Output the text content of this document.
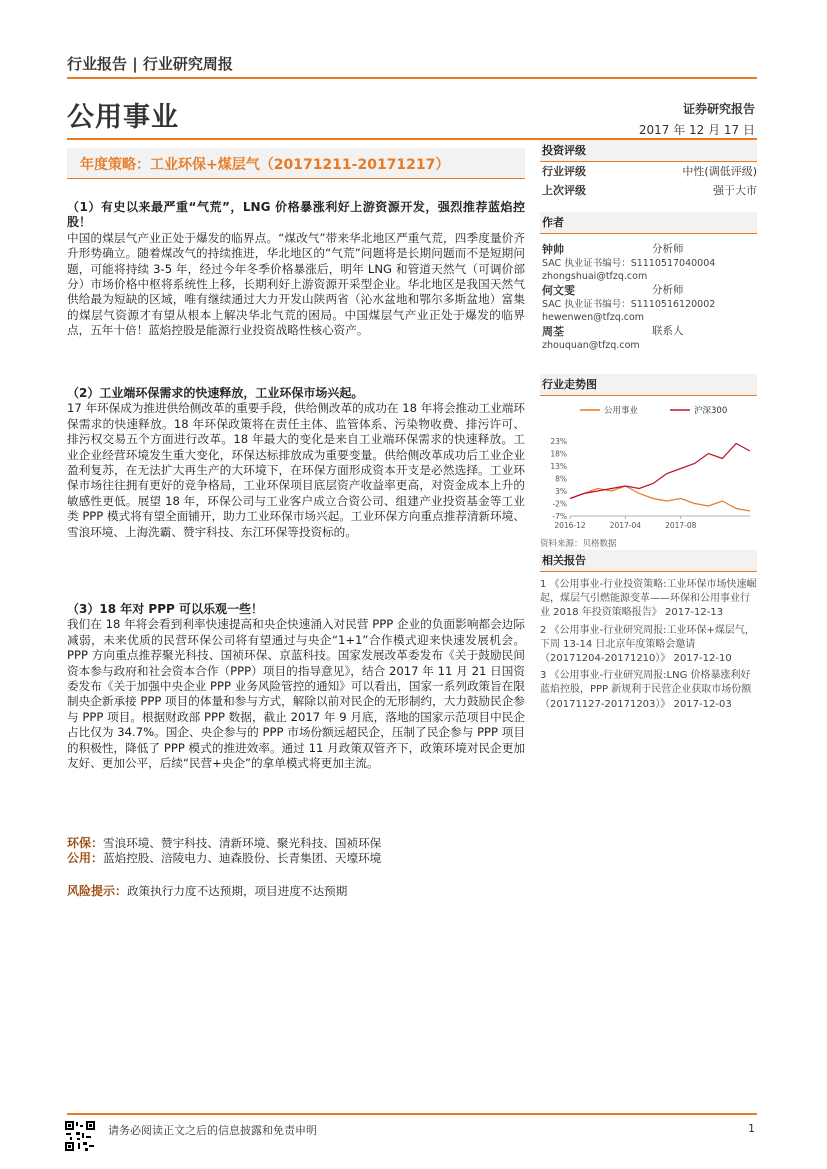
行业报告 | 行业研究周报
公用事业	证券研究报告
2017 年 12 月 17 日
年度策略：工业环保+煤层气（20171211-20171217）

（1）有史以来最严重“气荒”，LNG 价格暴涨利好上游资源开发，强烈推荐蓝焰控股！

中国的煤层气产业正处于爆发的临界点。“煤改气”带来华北地区严重气荒，四季度量价齐升形势确立。随着煤改气的持续推进，华北地区的“气荒”问题将是长期问题而不是短期问题，可能将持续 3-5 年，经过今年冬季价格暴涨后，明年 LNG 和管道天然气（可调价部分）市场价格中枢将系统性上移，长期利好上游资源开采型企业。华北地区是我国天然气供给最为短缺的区域，唯有继续通过大力开发山陕两省（沁水盆地和鄂尔多斯盆地）富集的煤层气资源才有望从根本上解决华北气荒的困局。中国煤层气产业正处于爆发的临界点，五年十倍！蓝焰控股是能源行业投资战略性核心资产。

（2）工业端环保需求的快速释放，工业环保市场兴起。

17 年环保成为推进供给侧改革的重要手段，供给侧改革的成功在 18 年将会推动工业端环保需求的快速释放。18 年环保政策将在责任主体、监管体系、污染物收费、排污许可、排污权交易五个方面进行改革。18 年最大的变化是来自工业端环保需求的快速释放。工业企业经营环境发生重大变化，环保达标排放成为重要变量。供给侧改革成功后工业企业盈利复苏，在无法扩大再生产的大环境下，在环保方面形成资本开支是必然选择。工业环保市场往往拥有更好的竞争格局，工业环保项目底层资产收益率更高，对资金成本上升的敏感性更低。展望 18 年，环保公司与工业客户成立合资公司、组建产业投资基金等工业类 PPP 模式将有望全面铺开，助力工业环保市场兴起。工业环保方向重点推荐清新环境、雪浪环境、上海洗霸、赞宇科技、东江环保等投资标的。

（3）18 年对 PPP 可以乐观一些！

我们在 18 年将会看到利率快速提高和央企快速涌入对民营 PPP 企业的负面影响都会边际减弱，未来优质的民营环保公司将有望通过与央企“1+1”合作模式迎来快速发展机会。PPP 方向重点推荐聚光科技、国祯环保、京蓝科技。国家发展改革委发布《关于鼓励民间资本参与政府和社会资本合作（PPP）项目的指导意见》，结合 2017 年 11 月 21 日国资委发布《关于加强中央企业 PPP 业务风险管控的通知》可以看出，国家一系列政策旨在限制央企新承接 PPP 项目的体量和参与方式，解除以前对民企的无形制约，大力鼓励民企参与 PPP 项目。根据财政部 PPP 数据，截止 2017 年 9 月底，落地的国家示范项目中民企占比仅为 34.7%。国企、央企参与的 PPP 市场份额远超民企，压制了民企参与 PPP 项目的积极性，降低了 PPP 模式的推进效率。通过 11 月政策双管齐下，政策环境对民企更加友好、更加公平，后续“民营+央企”的拿单模式将更加主流。

环保：雪浪环境、赞宇科技、清新环境、聚光科技、国祯环保

公用：蓝焰控股、涪陵电力、迪森股份、长青集团、天壕环境

风险提示：政策执行力度不达预期，项目进度不达预期

投资评级
行业评级	中性(调低评级)
上次评级	强于大市
作者
钟帅	分析师
SAC 执业证书编号：S1110517040004
zhongshuai@tfzq.com
何文雯	分析师
SAC 执业证书编号：S1110516120002
hewenwen@tfzq.com
周荃	联系人
zhouquan@tfzq.com
行业走势图
公用事业	沪深300
23%
18%
13%
8%
3%
-2%
-7%
2016-12	2017-04	2017-08
资料来源：贝格数据
相关报告
1 《公用事业-行业投资策略:工业环保市场快速崛起，煤层气引燃能源变革——环保和公用事业行业 2018 年投资策略报告》 2017-12-13
2 《公用事业-行业研究周报:工业环保+煤层气，下周 13-14 日北京年度策略会邀请（20171204-20171210）》 2017-12-10
3 《公用事业-行业研究周报:LNG 价格暴涨利好蓝焰控股，PPP 新规利于民营企业获取市场份额（20171127-20171203）》 2017-12-03
请务必阅读正文之后的信息披露和免责申明	1
